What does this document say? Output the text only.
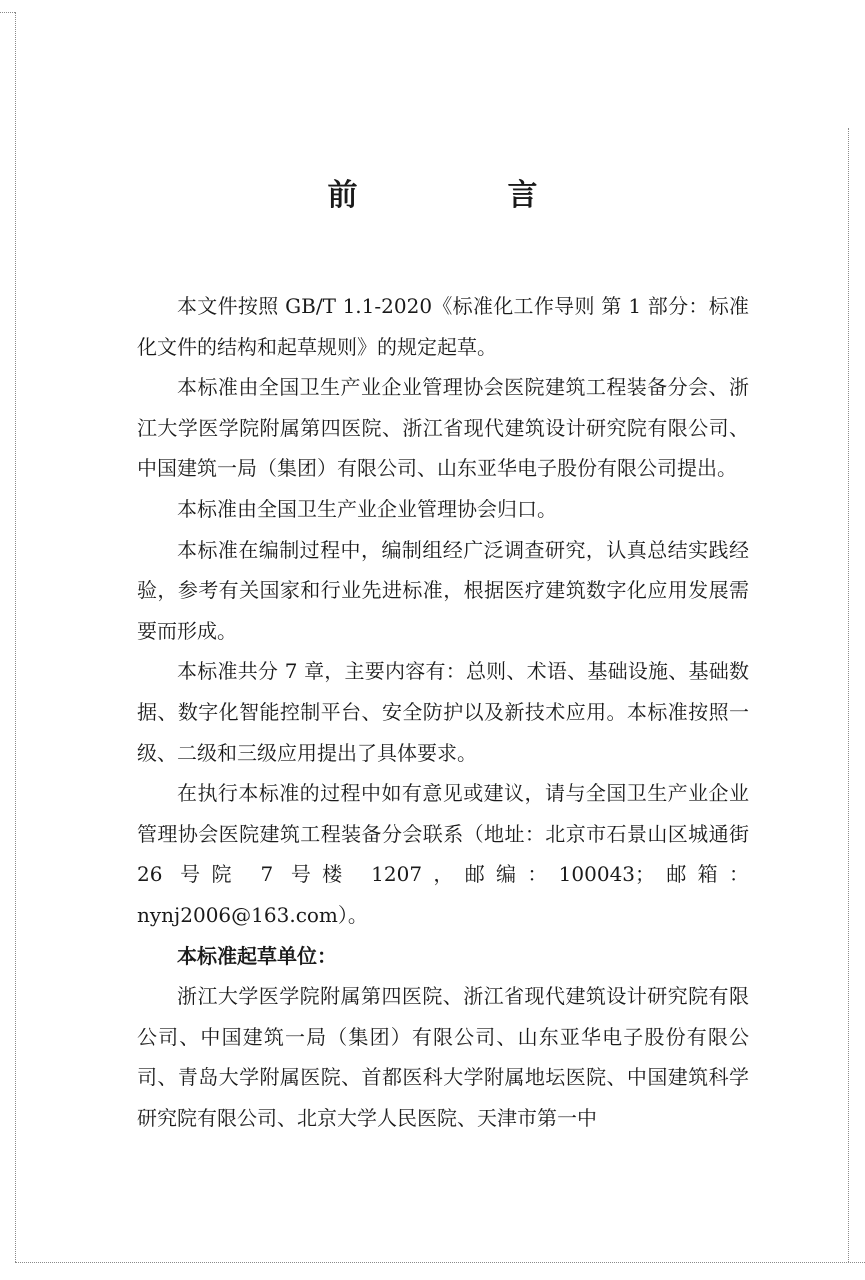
前　言

本文件按照 GB/T 1.1-2020《标准化工作导则 第 1 部分：标准化文件的结构和起草规则》的规定起草。

本标准由全国卫生产业企业管理协会医院建筑工程装备分会、浙江大学医学院附属第四医院、浙江省现代建筑设计研究院有限公司、中国建筑一局（集团）有限公司、山东亚华电子股份有限公司提出。

本标准由全国卫生产业企业管理协会归口。

本标准在编制过程中，编制组经广泛调查研究，认真总结实践经验，参考有关国家和行业先进标准，根据医疗建筑数字化应用发展需要而形成。

本标准共分 7 章，主要内容有：总则、术语、基础设施、基础数据、数字化智能控制平台、安全防护以及新技术应用。本标准按照一级、二级和三级应用提出了具体要求。

在执行本标准的过程中如有意见或建议，请与全国卫生产业企业管理协会医院建筑工程装备分会联系（地址：北京市石景山区城通街 26 号院 7 号楼 1207，邮编：100043；邮箱：nynj2006@163.com）。

本标准起草单位：

浙江大学医学院附属第四医院、浙江省现代建筑设计研究院有限公司、中国建筑一局（集团）有限公司、山东亚华电子股份有限公司、青岛大学附属医院、首都医科大学附属地坛医院、中国建筑科学研究院有限公司、北京大学人民医院、天津市第一中
